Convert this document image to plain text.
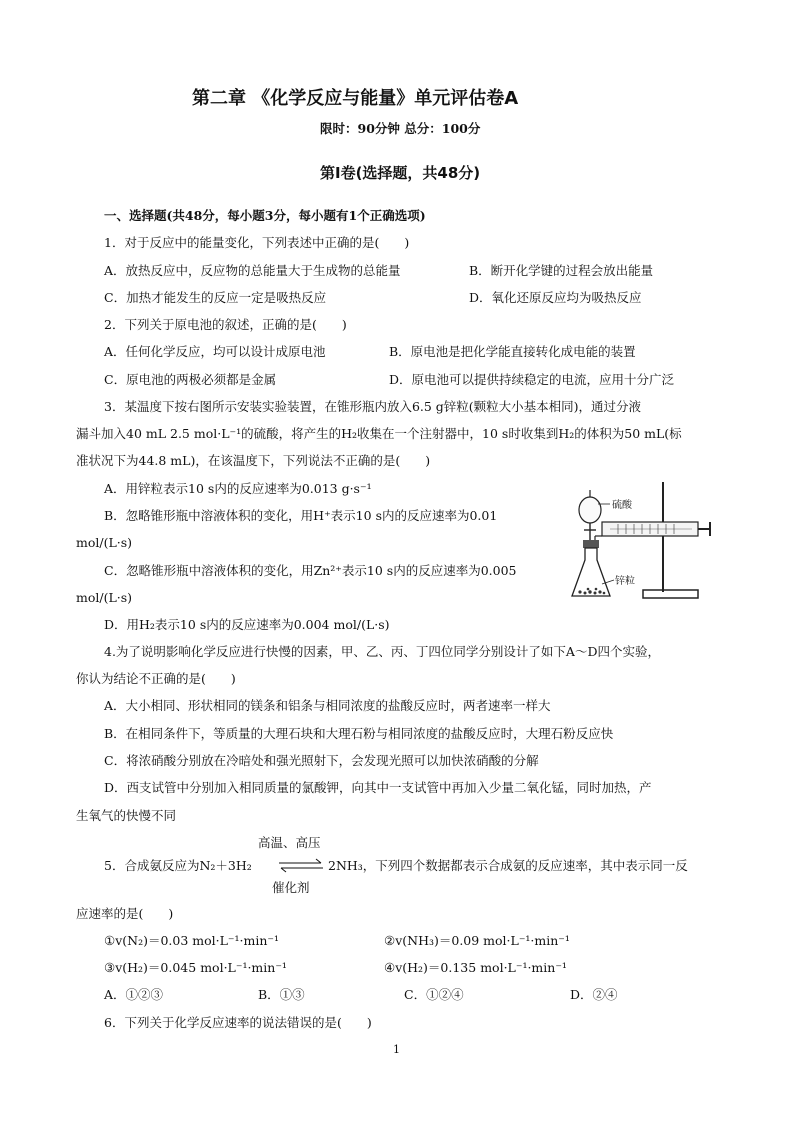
第二章 《化学反应与能量》单元评估卷A
限时：90分钟 总分：100分
第Ⅰ卷(选择题，共48分)
一、选择题(共48分，每小题3分，每小题有1个正确选项)
1．对于反应中的能量变化，下列表述中正确的是(　　)
A．放热反应中，反应物的总能量大于生成物的总能量	B．断开化学键的过程会放出能量
C．加热才能发生的反应一定是吸热反应	D．氧化还原反应均为吸热反应
2．下列关于原电池的叙述，正确的是(　　)
A．任何化学反应，均可以设计成原电池	B．原电池是把化学能直接转化成电能的装置
C．原电池的两极必须都是金属	D．原电池可以提供持续稳定的电流，应用十分广泛
3．某温度下按右图所示安装实验装置，在锥形瓶内放入6.5 g锌粒(颗粒大小基本相同)，通过分液
漏斗加入40 mL 2.5 mol·L⁻¹的硫酸，将产生的H₂收集在一个注射器中，10 s时收集到H₂的体积为50 mL(标
准状况下为44.8 mL)，在该温度下，下列说法不正确的是(　　)
A．用锌粒表示10 s内的反应速率为0.013 g·s⁻¹
B．忽略锥形瓶中溶液体积的变化，用H⁺表示10 s内的反应速率为0.01
mol/(L·s)
C．忽略锥形瓶中溶液体积的变化，用Zn²⁺表示10 s内的反应速率为0.005
mol/(L·s)
D．用H₂表示10 s内的反应速率为0.004 mol/(L·s)
硫酸
锌粒
4.为了说明影响化学反应进行快慢的因素，甲、乙、丙、丁四位同学分别设计了如下A～D四个实验，
你认为结论不正确的是(　　)
A．大小相同、形状相同的镁条和铝条与相同浓度的盐酸反应时，两者速率一样大
B．在相同条件下，等质量的大理石块和大理石粉与相同浓度的盐酸反应时，大理石粉反应快
C．将浓硝酸分别放在冷暗处和强光照射下，会发现光照可以加快浓硝酸的分解
D．西支试管中分别加入相同质量的氯酸钾，向其中一支试管中再加入少量二氧化锰，同时加热，产
生氧气的快慢不同
高温、高压
5．合成氨反应为N₂＋3H₂ ⇌ 2NH₃，下列四个数据都表示合成氨的反应速率，其中表示同一反
催化剂
应速率的是(　　)
①v(N₂)＝0.03 mol·L⁻¹·min⁻¹	②v(NH₃)＝0.09 mol·L⁻¹·min⁻¹
③v(H₂)＝0.045 mol·L⁻¹·min⁻¹	④v(H₂)＝0.135 mol·L⁻¹·min⁻¹
A．①②③	B．①③	C．①②④	D．②④
6．下列关于化学反应速率的说法错误的是(　　)
1
